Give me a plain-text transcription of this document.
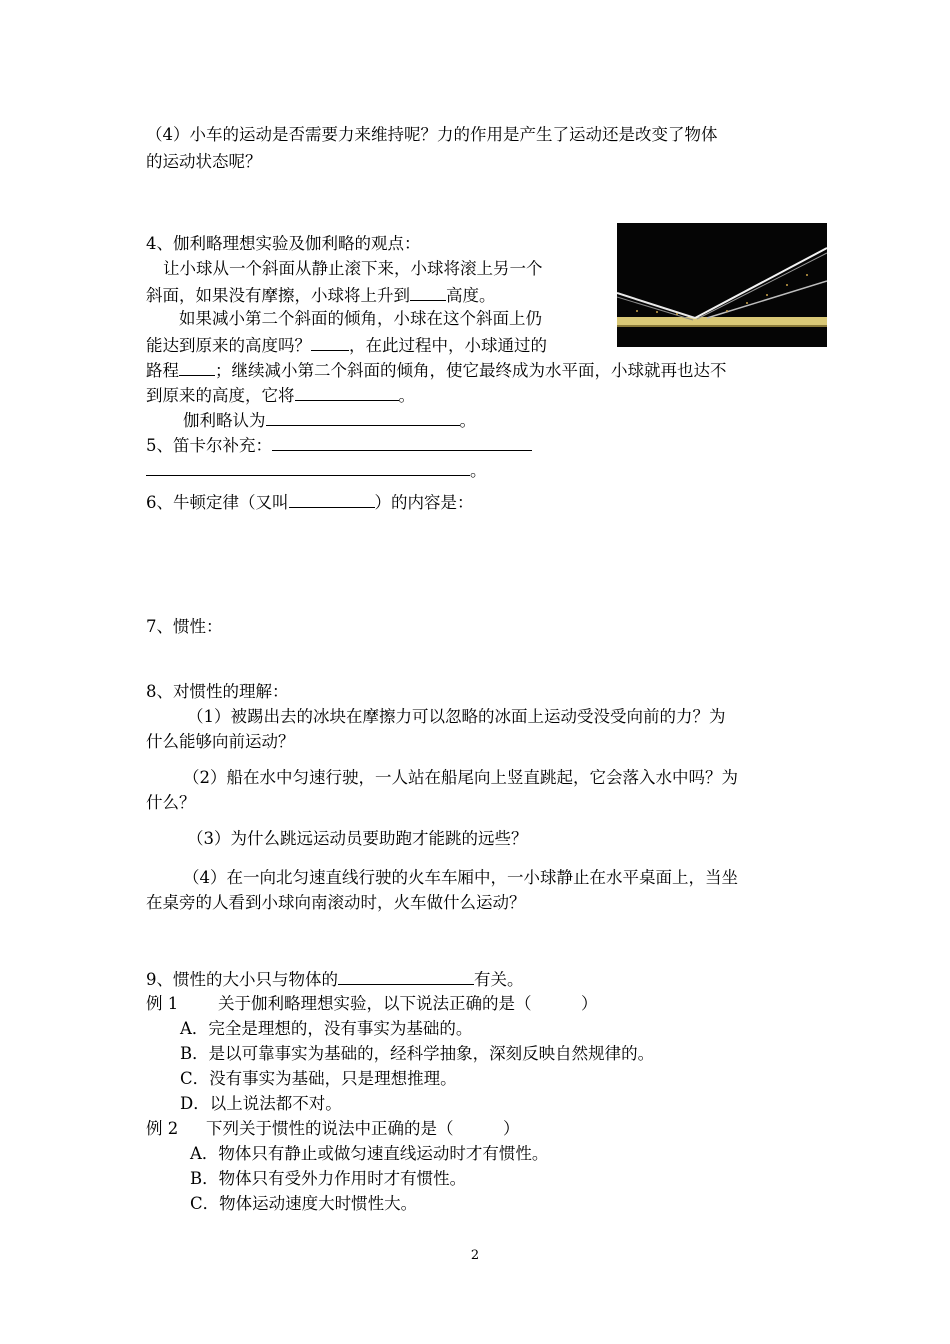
（4）小车的运动是否需要力来维持呢？力的作用是产生了运动还是改变了物体
的运动状态呢？
4、伽利略理想实验及伽利略的观点：
让小球从一个斜面从静止滚下来，小球将滚上另一个
斜面，如果没有摩擦，小球将上升到 高度。
如果减小第二个斜面的倾角，小球在这个斜面上仍
能达到原来的高度吗？ ，在此过程中，小球通过的
路程 ；继续减小第二个斜面的倾角，使它最终成为水平面，小球就再也达不
到原来的高度，它将	。
伽利略认为	。
5、笛卡尔补充：
。
6、牛顿定律（又叫	）的内容是：
7、惯性：
8、对惯性的理解：
（1）被踢出去的冰块在摩擦力可以忽略的冰面上运动受没受向前的力？为
什么能够向前运动？
（2）船在水中匀速行驶，一人站在船尾向上竖直跳起，它会落入水中吗？为
什么？
（3）为什么跳远运动员要助跑才能跳的远些？
（4）在一向北匀速直线行驶的火车车厢中，一小球静止在水平桌面上，当坐
在桌旁的人看到小球向南滚动时，火车做什么运动？
9、惯性的大小只与物体的	有关。
例 1 关于伽利略理想实验，以下说法正确的是（　　　）
A．完全是理想的，没有事实为基础的。
B．是以可靠事实为基础的，经科学抽象，深刻反映自然规律的。
C．没有事实为基础，只是理想推理。
D．以上说法都不对。
例 2 下列关于惯性的说法中正确的是（　　　）
A．物体只有静止或做匀速直线运动时才有惯性。
B．物体只有受外力作用时才有惯性。
C．物体运动速度大时惯性大。
2
